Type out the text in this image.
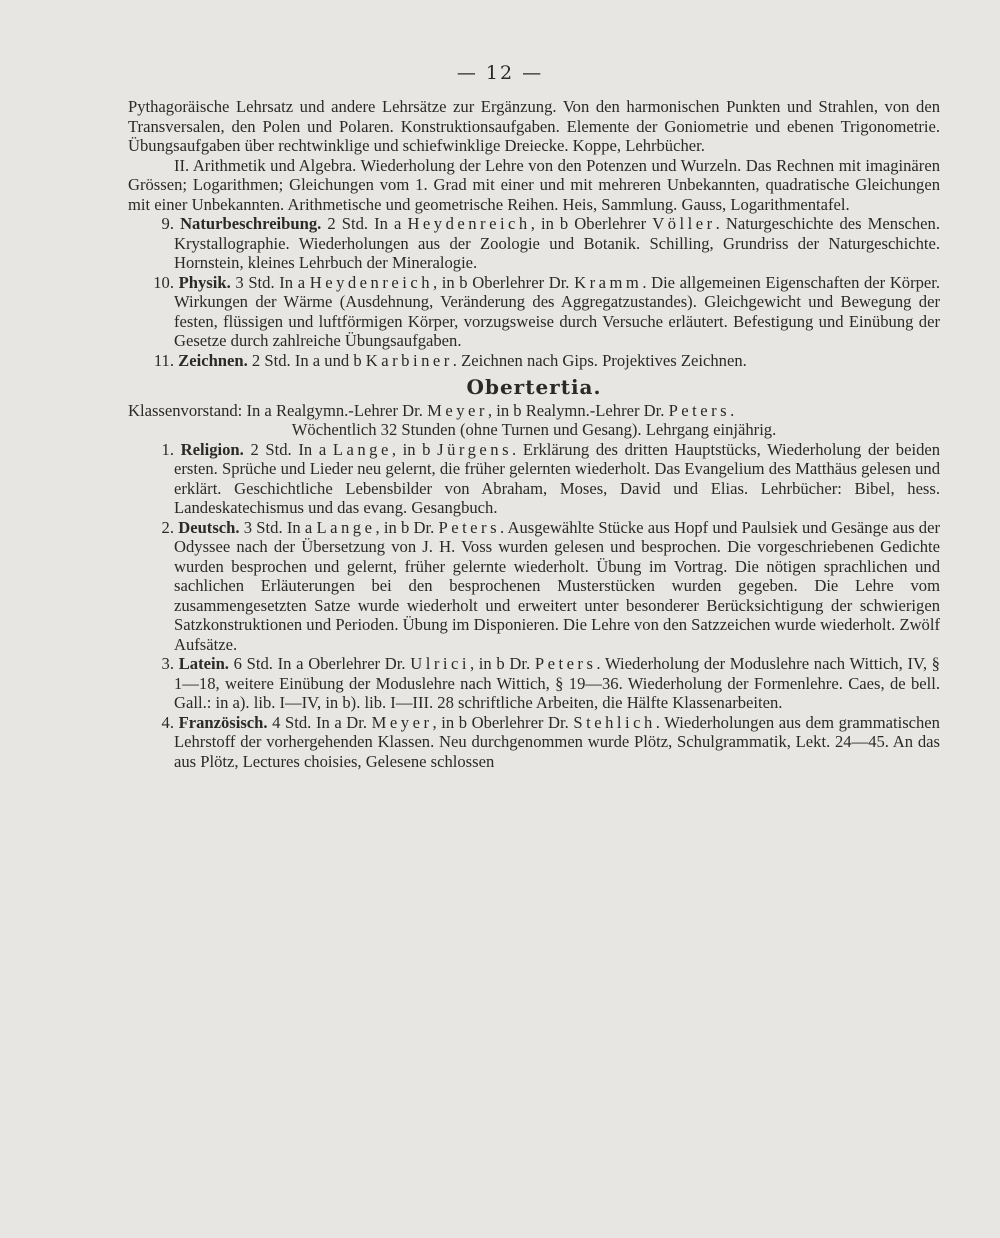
— 12 —

Pythagoräische Lehrsatz und andere Lehrsätze zur Ergänzung. Von den harmonischen Punkten und Strahlen, von den Transversalen, den Polen und Polaren. Konstruktionsaufgaben. Elemente der Goniometrie und ebenen Trigonometrie. Übungsaufgaben über rechtwinklige und schiefwinklige Dreiecke. Koppe, Lehrbücher.

II. Arithmetik und Algebra. Wiederholung der Lehre von den Potenzen und Wurzeln. Das Rechnen mit imaginären Grössen; Logarithmen; Gleichungen vom 1. Grad mit einer und mit mehreren Unbekannten, quadratische Gleichungen mit einer Unbekannten. Arithmetische und geometrische Reihen. Heis, Sammlung. Gauss, Logarithmentafel.

9. Naturbeschreibung. 2 Std. In a Heydenreich, in b Oberlehrer Völler. Naturgeschichte des Menschen. Krystallographie. Wiederholungen aus der Zoologie und Botanik. Schilling, Grundriss der Naturgeschichte. Hornstein, kleines Lehrbuch der Mineralogie.

10. Physik. 3 Std. In a Heydenreich, in b Oberlehrer Dr. Kramm. Die allgemeinen Eigenschaften der Körper. Wirkungen der Wärme (Ausdehnung, Veränderung des Aggregatzustandes). Gleichgewicht und Bewegung der festen, flüssigen und luftförmigen Körper, vorzugsweise durch Versuche erläutert. Befestigung und Einübung der Gesetze durch zahlreiche Übungsaufgaben.

11. Zeichnen. 2 Std. In a und b Karbiner. Zeichnen nach Gips. Projektives Zeichnen.

Obertertia.

Klassenvorstand: In a Realgymn.-Lehrer Dr. Meyer, in b Realymn.-Lehrer Dr. Peters.

Wöchentlich 32 Stunden (ohne Turnen und Gesang). Lehrgang einjährig.

1. Religion. 2 Std. In a Lange, in b Jürgens. Erklärung des dritten Hauptstücks, Wiederholung der beiden ersten. Sprüche und Lieder neu gelernt, die früher gelernten wiederholt. Das Evangelium des Matthäus gelesen und erklärt. Geschichtliche Lebensbilder von Abraham, Moses, David und Elias. Lehrbücher: Bibel, hess. Landeskatechismus und das evang. Gesangbuch.

2. Deutsch. 3 Std. In a Lange, in b Dr. Peters. Ausgewählte Stücke aus Hopf und Paulsiek und Gesänge aus der Odyssee nach der Übersetzung von J. H. Voss wurden gelesen und besprochen. Die vorgeschriebenen Gedichte wurden besprochen und gelernt, früher gelernte wiederholt. Übung im Vortrag. Die nötigen sprachlichen und sachlichen Erläuterungen bei den besprochenen Musterstücken wurden gegeben. Die Lehre vom zusammengesetzten Satze wurde wiederholt und erweitert unter besonderer Berücksichtigung der schwierigen Satzkonstruktionen und Perioden. Übung im Disponieren. Die Lehre von den Satzzeichen wurde wiederholt. Zwölf Aufsätze.

3. Latein. 6 Std. In a Oberlehrer Dr. Ulrici, in b Dr. Peters. Wiederholung der Moduslehre nach Wittich, IV, § 1—18, weitere Einübung der Moduslehre nach Wittich, § 19—36. Wiederholung der Formenlehre. Caes, de bell. Gall.: in a). lib. I—IV, in b). lib. I—III. 28 schriftliche Arbeiten, die Hälfte Klassenarbeiten.

4. Französisch. 4 Std. In a Dr. Meyer, in b Oberlehrer Dr. Stehlich. Wiederholungen aus dem grammatischen Lehrstoff der vorhergehenden Klassen. Neu durchgenommen wurde Plötz, Schulgrammatik, Lekt. 24—45. An das aus Plötz, Lectures choisies, Gelesene schlossen
